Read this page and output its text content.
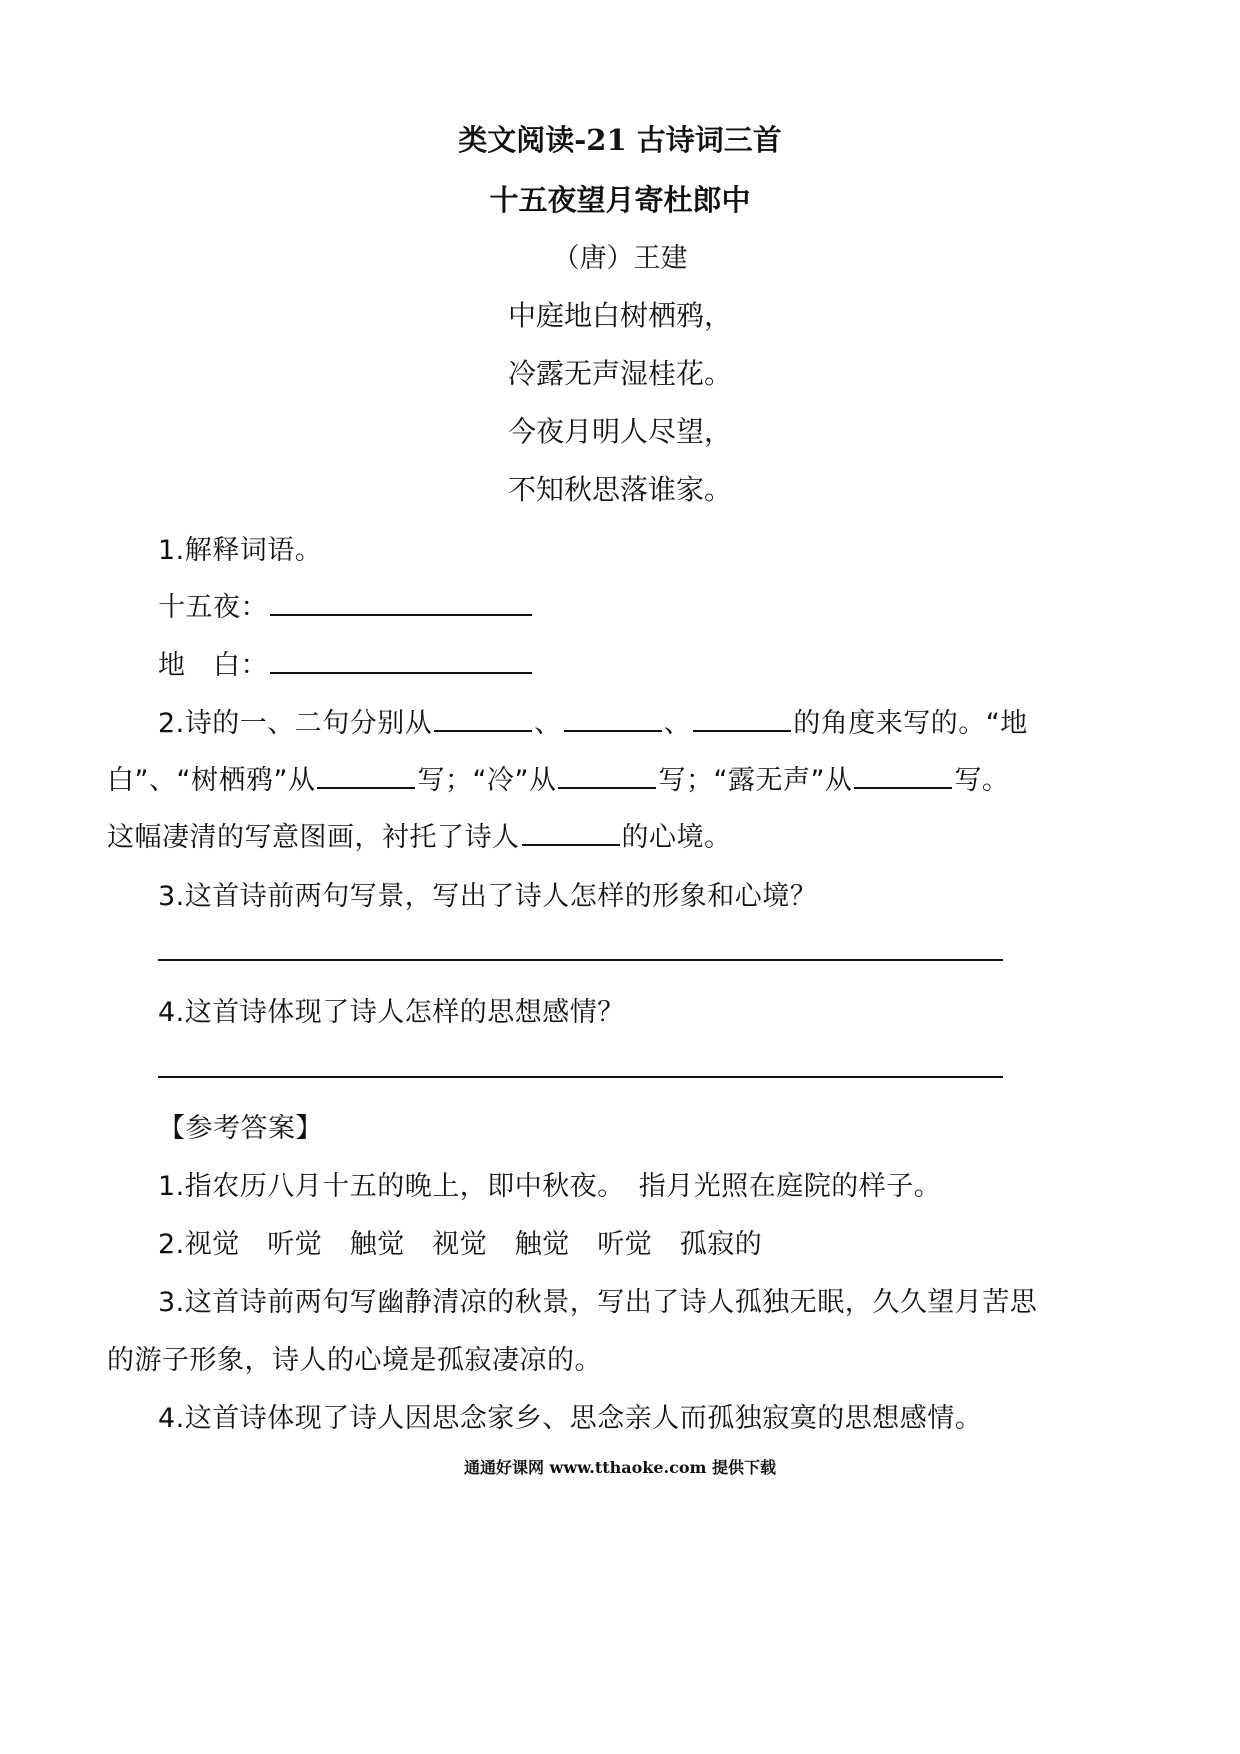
类文阅读-21 古诗词三首
十五夜望月寄杜郎中
（唐）王建
中庭地白树栖鸦，
冷露无声湿桂花。
今夜月明人尽望，
不知秋思落谁家。
1.解释词语。
十五夜：
地　白：
2.诗的一、二句分别从	、	、	的角度来写的。“地
白”、“树栖鸦”从	写；“冷”从	写；“露无声”从	写。
这幅凄清的写意图画，衬托了诗人	的心境。
3.这首诗前两句写景，写出了诗人怎样的形象和心境？
4.这首诗体现了诗人怎样的思想感情？
【参考答案】
1.指农历八月十五的晚上，即中秋夜。　指月光照在庭院的样子。
2.视觉　听觉　触觉　视觉　触觉　听觉　孤寂的
3.这首诗前两句写幽静清凉的秋景，写出了诗人孤独无眠，久久望月苦思
的游子形象，诗人的心境是孤寂凄凉的。
4.这首诗体现了诗人因思念家乡、思念亲人而孤独寂寞的思想感情。
通通好课网 www.tthaoke.com 提供下载
